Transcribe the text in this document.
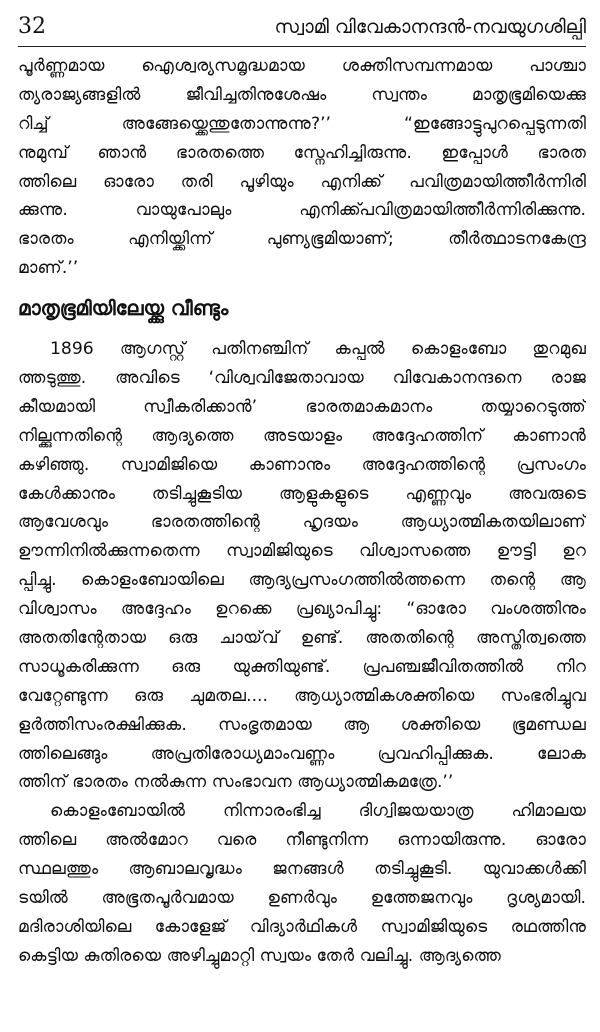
32	സ്വാമി വിവേകാനന്ദൻ-നവയുഗശില്പി
പൂർണ്ണമായ ഐശ്വര്യസമൃദ്ധമായ ശക്തിസമ്പന്നമായ പാശ്ചാ
ത്യരാജ്യങ്ങളിൽ ജീവിച്ചതിനുശേഷം സ്വന്തം മാതൃഭൂമിയെക്കു
റിച്ച് അങ്ങേയ്ക്കെന്തുതോന്നുന്നു?’’ “ഇങ്ങോട്ടുപുറപ്പെടുന്നതി
നുമുമ്പ് ഞാൻ ഭാരതത്തെ സ്നേഹിച്ചിരുന്നു. ഇപ്പോൾ ഭാരത
ത്തിലെ ഓരോ തരി പൂഴിയും എനിക്ക് പവിത്രമായിത്തീർന്നിരി
ക്കുന്നു. വായുപോലും എനിക്ക്പവിത്രമായിത്തീർന്നിരിക്കുന്നു.
ഭാരതം എനിയ്ക്കിന്ന് പുണ്യഭൂമിയാണ്; തീർത്ഥാടനകേന്ദ്ര
മാണ്.’’
മാതൃഭൂമിയിലേയ്ക്കു വീണ്ടും
1896 ആഗസ്റ്റ് പതിനഞ്ചിന് കപ്പൽ കൊളംബോ തുറമുഖ
ത്തടുത്തു. അവിടെ ‘വിശ്വവിജേതാവായ വിവേകാനന്ദനെ രാജ
കീയമായി സ്വീകരിക്കാൻ’ ഭാരതമാകമാനം തയ്യാറെടുത്ത്
നില്ക്കുന്നതിന്റെ ആദ്യത്തെ അടയാളം അദ്ദേഹത്തിന് കാണാൻ
കഴിഞ്ഞു. സ്വാമിജിയെ കാണാനും അദ്ദേഹത്തിന്റെ പ്രസംഗം
കേൾക്കാനും തടിച്ചുകൂടിയ ആളുകളുടെ എണ്ണവും അവരുടെ
ആവേശവും ഭാരതത്തിന്റെ ഹൃദയം ആധ്യാത്മികതയിലാണ്
ഊന്നിനിൽക്കുന്നതെന്ന സ്വാമിജിയുടെ വിശ്വാസത്തെ ഊട്ടി ഉറ
പ്പിച്ചു. കൊളംബോയിലെ ആദ്യപ്രസംഗത്തിൽത്തന്നെ തന്റെ ആ
വിശ്വാസം അദ്ദേഹം ഉറക്കെ പ്രഖ്യാപിച്ചു: “ഓരോ വംശത്തിനും
അതതിന്റേതായ ഒരു ചായ്‌വ് ഉണ്ട്. അതതിന്റെ അസ്തിത്വത്തെ
സാധൂകരിക്കുന്ന ഒരു യുക്തിയുണ്ട്. പ്രപഞ്ചജീവിതത്തിൽ നിറ
വേറ്റേണ്ടുന്ന ഒരു ചുമതല.... ആധ്യാത്മികശക്തിയെ സംഭരിച്ചുവ
ളർത്തിസംരക്ഷിക്കുക. സംഭൃതമായ ആ ശക്തിയെ ഭൂമണ്ഡല
ത്തിലെങ്ങും അപ്രതിരോധ്യമാംവണ്ണം പ്രവഹിപ്പിക്കുക. ലോക
ത്തിന് ഭാരതം നൽകുന്ന സംഭാവന ആധ്യാത്മികമത്രേ.’’
കൊളംബോയിൽ നിന്നാരംഭിച്ച ദിഗ്വിജയയാത്ര ഹിമാലയ
ത്തിലെ അൽമോറ വരെ നീണ്ടുനിന്ന ഒന്നായിരുന്നു. ഓരോ
സ്ഥലത്തും ആബാലവൃദ്ധം ജനങ്ങൾ തടിച്ചുകൂടി. യുവാക്കൾക്കി
ടയിൽ അഭൂതപൂർവമായ ഉണർവും ഉത്തേജനവും ദൃശ്യമായി.
മദിരാശിയിലെ കോളേജ് വിദ്യാർഥികൾ സ്വാമിജിയുടെ രഥത്തിനു
കെട്ടിയ കുതിരയെ അഴിച്ചുമാറ്റി സ്വയം തേർ വലിച്ചു. ആദ്യത്തെ
